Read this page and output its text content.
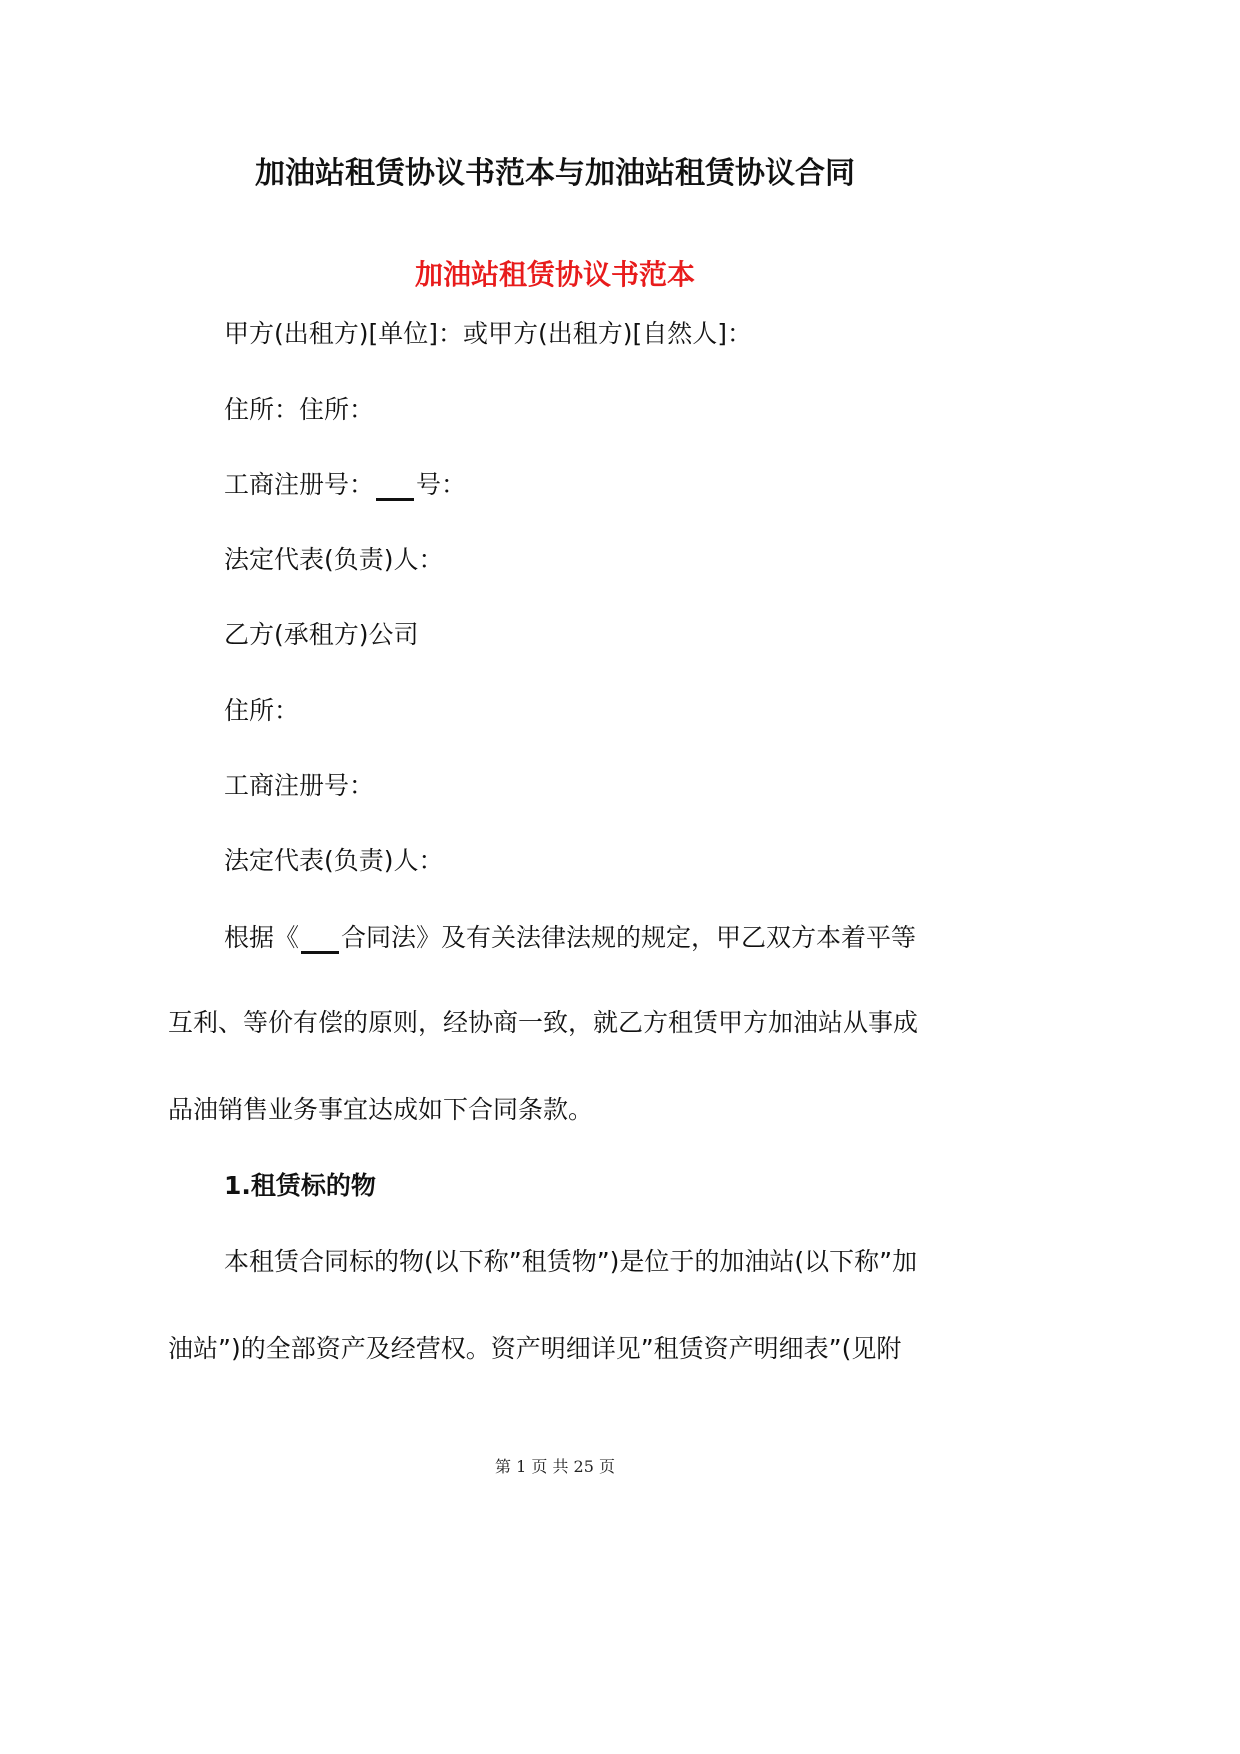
加油站租赁协议书范本与加油站租赁协议合同
加油站租赁协议书范本

甲方(出租方)[单位]：或甲方(出租方)[自然人]：

住所：住所：

工商注册号： 号：

法定代表(负责)人：

乙方(承租方)公司

住所：

工商注册号：

法定代表(负责)人：

根据《 合同法》及有关法律法规的规定，甲乙双方本着平等

互利、等价有偿的原则，经协商一致，就乙方租赁甲方加油站从事成

品油销售业务事宜达成如下合同条款。

1.租赁标的物

本租赁合同标的物(以下称”租赁物”)是位于的加油站(以下称”加

油站”)的全部资产及经营权。资产明细详见”租赁资产明细表”(见附

第 1 页 共 25 页
